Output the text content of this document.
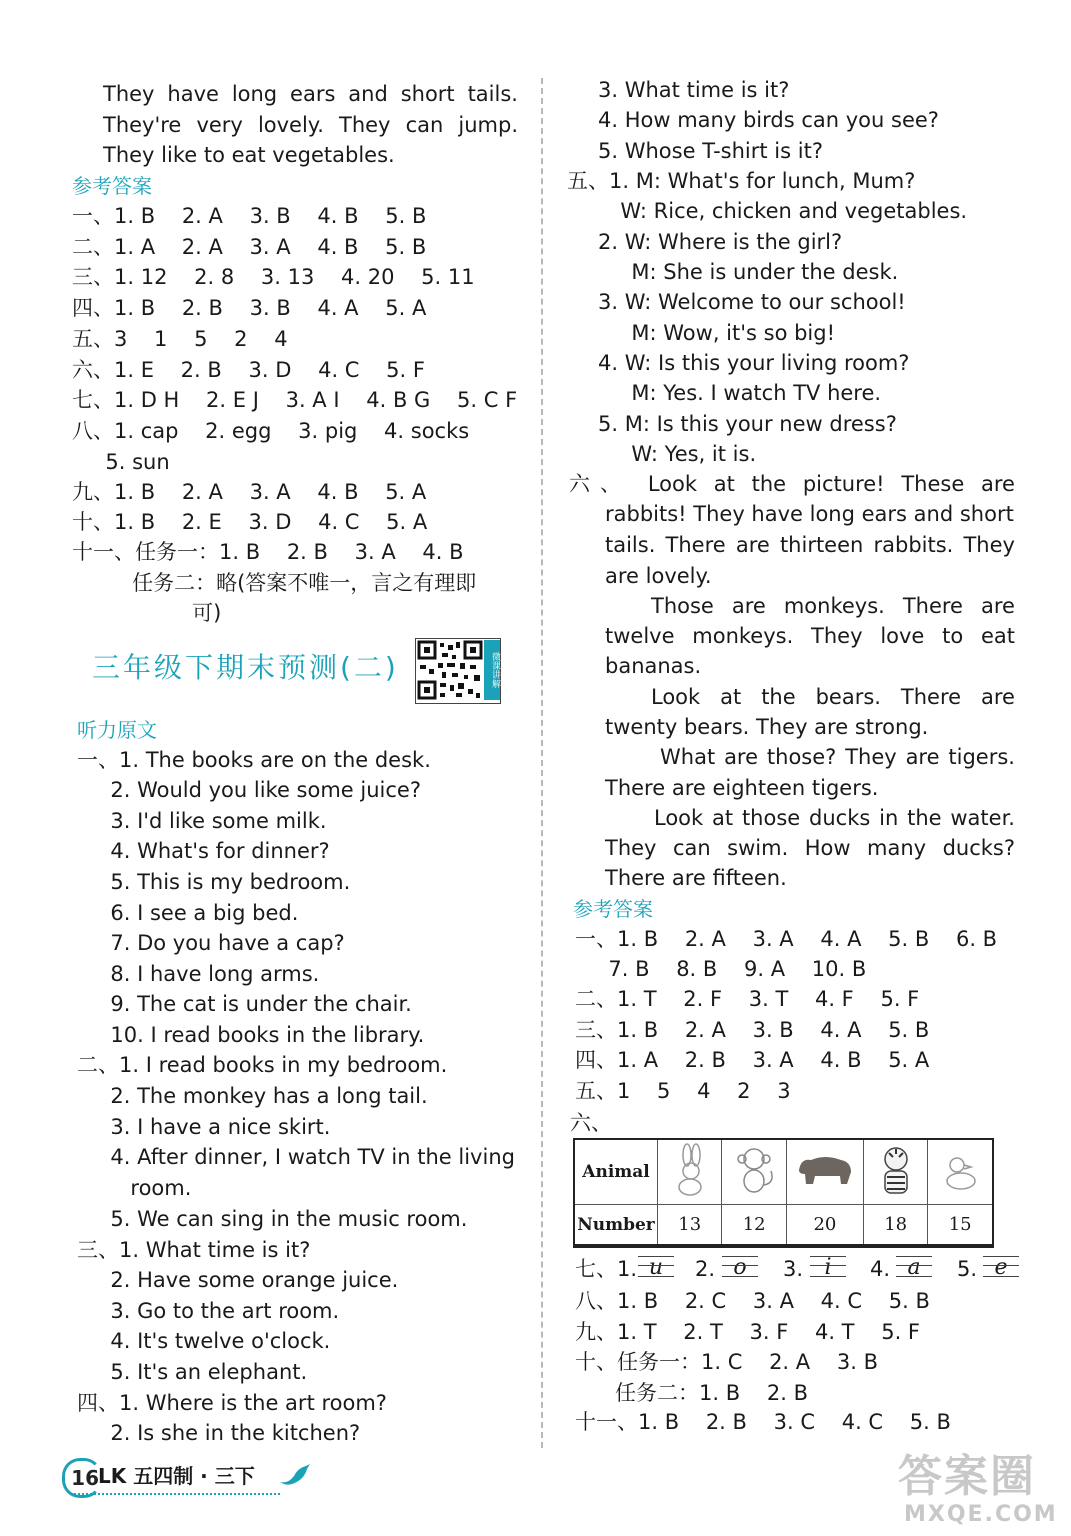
They have long ears and short tails.
They're very lovely. They can jump.
They like to eat vegetables.
参考答案
一、1. B    2. A    3. B    4. B    5. B
二、1. A    2. A    3. A    4. B    5. B
三、1. 12    2. 8    3. 13    4. 20    5. 11
四、1. B    2. B    3. B    4. A    5. A
五、3    1    5    2    4
六、1. E    2. B    3. D    4. C    5. F
七、1. D H    2. E J    3. A I    4. B G    5. C F
八、1. cap    2. egg    3. pig    4. socks
5. sun
九、1. B    2. A    3. A    4. B    5. A
十、1. B    2. E    3. D    4. C    5. A
十一、任务一：1. B    2. B    3. A    4. B
任务二：略(答案不唯一，言之有理即
可)
三年级下期末预测(二)	微课讲解
听力原文
一、1. The books are on the desk.
2. Would you like some juice?
3. I'd like some milk.
4. What's for dinner?
5. This is my bedroom.
6. I see a big bed.
7. Do you have a cap?
8. I have long arms.
9. The cat is under the chair.
10. I read books in the library.
二、1. I read books in my bedroom.
2. The monkey has a long tail.
3. I have a nice skirt.
4. After dinner, I watch TV in the living
room.
5. We can sing in the music room.
三、1. What time is it?
2. Have some orange juice.
3. Go to the art room.
4. It's twelve o'clock.
5. It's an elephant.
四、1. Where is the art room?
2. Is she in the kitchen?
3. What time is it?
4. How many birds can you see?
5. Whose T-shirt is it?
五、1. M: What's for lunch, Mum?
W: Rice, chicken and vegetables.
2. W: Where is the girl?
M: She is under the desk.
3. W: Welcome to our school!
M: Wow, it's so big!
4. W: Is this your living room?
M: Yes. I watch TV here.
5. M: Is this your new dress?
W: Yes, it is.
六、 Look at the picture! These are
rabbits! They have long ears and short
tails. There are thirteen rabbits. They
are lovely.
Those are monkeys. There are
twelve monkeys. They love to eat
bananas.
Look at the bears. There are
twenty bears. They are strong.
What are those? They are tigers.
There are eighteen tigers.
Look at those ducks in the water.
They can swim. How many ducks?
There are fifteen.
参考答案
一、1. B    2. A    3. A    4. A    5. B    6. B
7. B    8. B    9. A    10. B
二、1. T    2. F    3. T    4. F    5. F
三、1. B    2. A    3. B    4. A    5. B
四、1. A    2. B    3. A    4. B    5. A
五、1    5    4    2    3
六、
Animal					
Number	13	12	20	18	15
七、1. u	2. o	3. i	4. a	5. e
八、1. B    2. C    3. A    4. C    5. B
九、1. T    2. T    3. F    4. T    5. F
十、任务一：1. C    2. A    3. B
任务二：1. B    2. B
十一、1. B    2. B    3. C    4. C    5. B
16 LK 五四制 · 三下	答案圈
MXQE.COM
